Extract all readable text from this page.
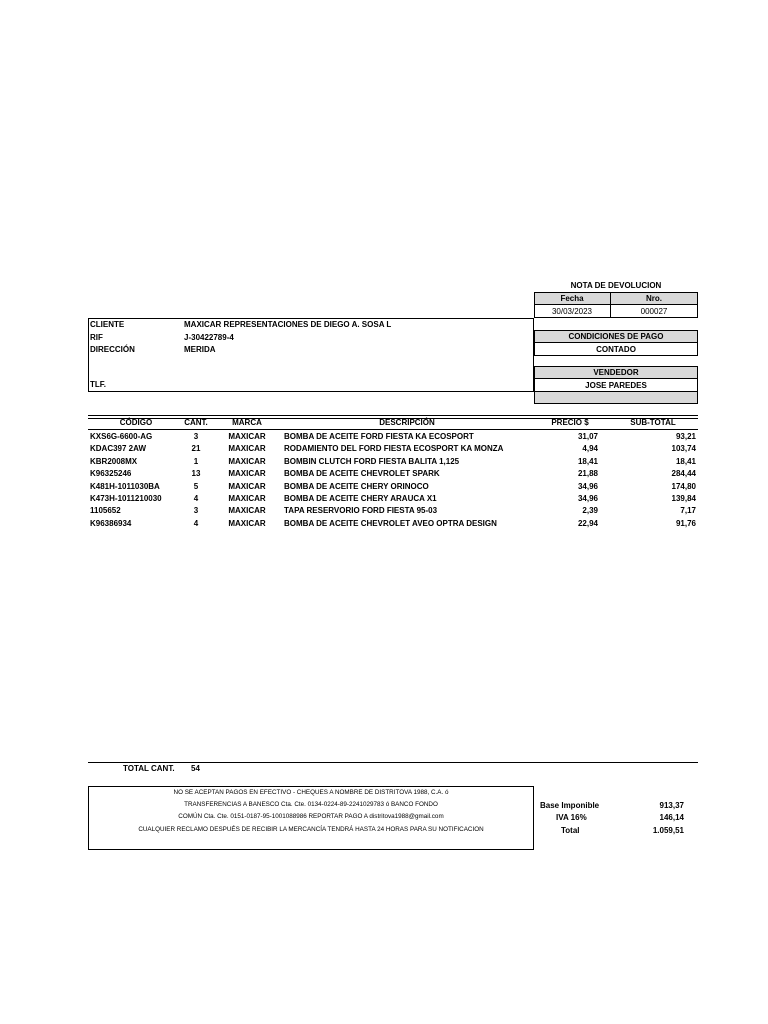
NOTA DE DEVOLUCION
Fecha	Nro.
30/03/2023	000027
CLIENTE	MAXICAR REPRESENTACIONES DE DIEGO A. SOSA L
RIF	J-30422789-4
DIRECCIÓN	MERIDA
TLF.
CONDICIONES DE PAGO
CONTADO
VENDEDOR
JOSE PAREDES
CÓDIGO	CANT.	MARCA	DESCRIPCIÓN	PRECIO $	SUB-TOTAL
KXS6G-6600-AG	3	MAXICAR	BOMBA DE ACEITE FORD FIESTA KA ECOSPORT	31,07	93,21
KDAC397 2AW	21	MAXICAR	RODAMIENTO DEL FORD FIESTA ECOSPORT KA MONZA	4,94	103,74
KBR2008MX	1	MAXICAR	BOMBIN CLUTCH FORD FIESTA BALITA 1,125	18,41	18,41
K96325246	13	MAXICAR	BOMBA DE ACEITE CHEVROLET SPARK	21,88	284,44
K481H-1011030BA	5	MAXICAR	BOMBA DE ACEITE CHERY ORINOCO	34,96	174,80
K473H-1011210030	4	MAXICAR	BOMBA DE ACEITE CHERY ARAUCA X1	34,96	139,84
1105652	3	MAXICAR	TAPA RESERVORIO FORD FIESTA 95-03	2,39	7,17
K96386934	4	MAXICAR	BOMBA DE ACEITE CHEVROLET AVEO OPTRA DESIGN	22,94	91,76
TOTAL CANT. 54
NO SE ACEPTAN PAGOS EN EFECTIVO - CHEQUES A NOMBRE DE DISTRITOVA 1988, C.A. ó
TRANSFERENCIAS A BANESCO Cta. Cte. 0134-0224-89-2241029783 ó BANCO FONDO
COMÚN Cta. Cte. 0151-0187-95-1001088986 REPORTAR PAGO A distritova1988@gmail.com
CUALQUIER RECLAMO DESPUÉS DE RECIBIR LA MERCANCÍA TENDRÁ HASTA 24 HORAS PARA SU NOTIFICACION
Base Imponible	913,37
IVA 16%	146,14
Total	1.059,51
